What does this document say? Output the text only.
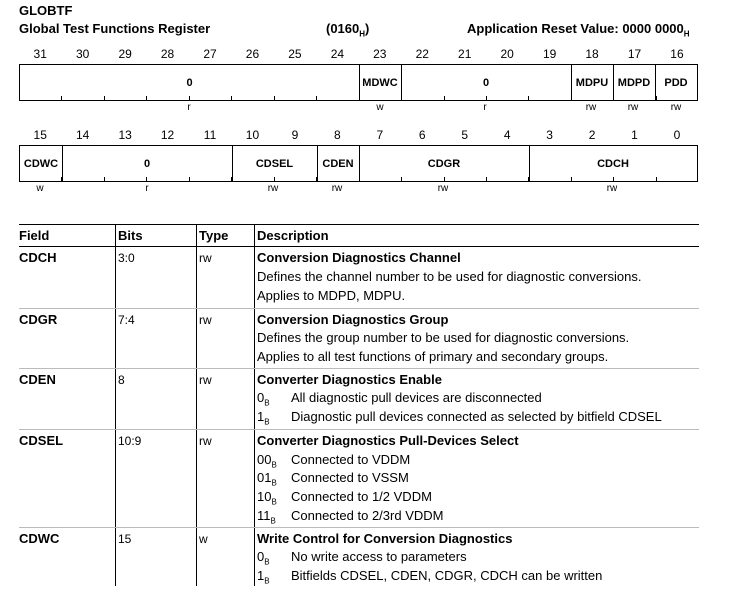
GLOBTF
Global Test Functions Register	$(0160_H)$	Application Reset Value: 0000 $0000_H$
31 30 29 28 27 26 25 24 23 22 21 20 19 18 17 16
0	MDWC	0	MDPU MDPD	PDD
r	w	r	rw	rw	rw
15 14 13 12	11	10	9	8	7	6	5	4	3	2	1	0
CDWC	0	CDSEL	CDEN	CDGR	CDCH
w	r	rw	rw	rw	rw
Field	Bits	Type Description
CDCH	3:0	rw	Conversion Diagnostics Channel
Defines the channel number to be used for diagnostic conversions.
Applies to MDPD, MDPU.
CDGR	7:4	rw	Conversion Diagnostics Group
Defines the group number to be used for diagnostic conversions.
Applies to all test functions of primary and secondary groups.
CDEN	8	rw	Converter Diagnostics Enable
$0_B$ All diagnostic pull devices are disconnected
$1_B$ Diagnostic pull devices connected as selected by bitfield CDSEL
CDSEL	10:9	rw	Converter Diagnostics Pull-Devices Select
$00_B$ Connected to VDDM
$01_B$ Connected to VSSM
$10_B$ Connected to 1/2 VDDM
$11_B$ Connected to 2/3rd VDDM
CDWC	15	w	Write Control for Conversion Diagnostics
$0_B$ No write access to parameters
$1_B$ Bitfields CDSEL, CDEN, CDGR, CDCH can be written
